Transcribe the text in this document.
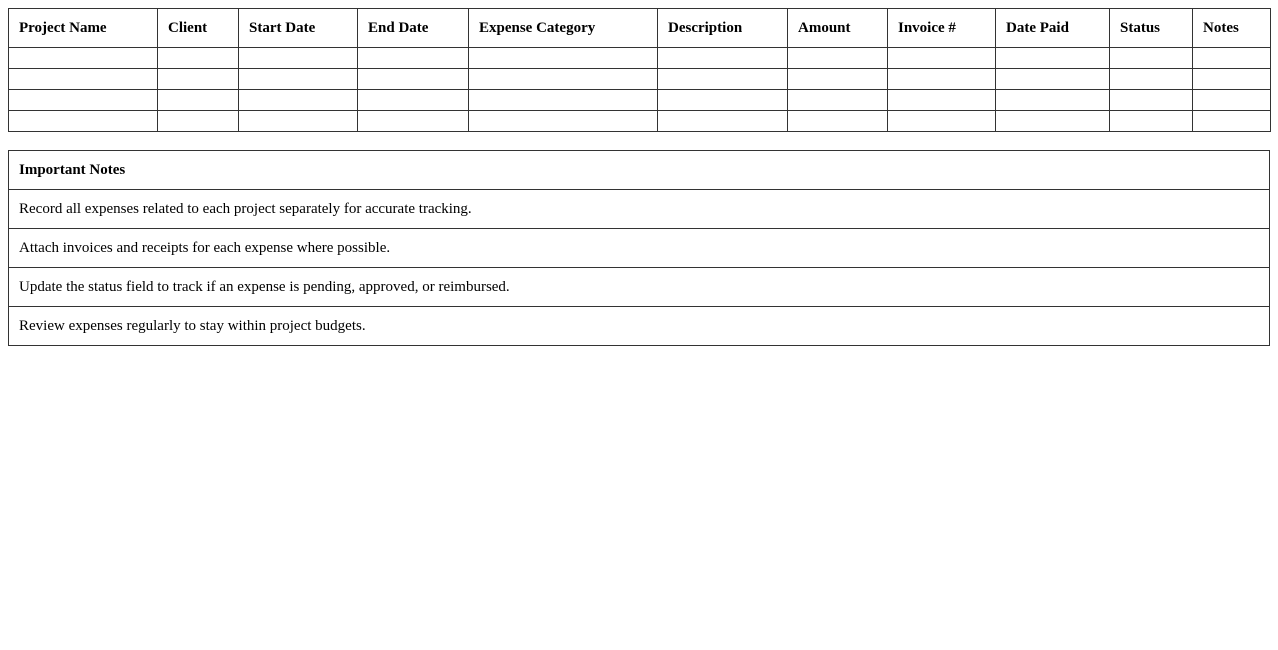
Project Name	Client	Start Date	End Date	Expense Category	Description	Amount	Invoice #	Date Paid	Status	Notes

Important Notes
Record all expenses related to each project separately for accurate tracking.
Attach invoices and receipts for each expense where possible.
Update the status field to track if an expense is pending, approved, or reimbursed.
Review expenses regularly to stay within project budgets.
